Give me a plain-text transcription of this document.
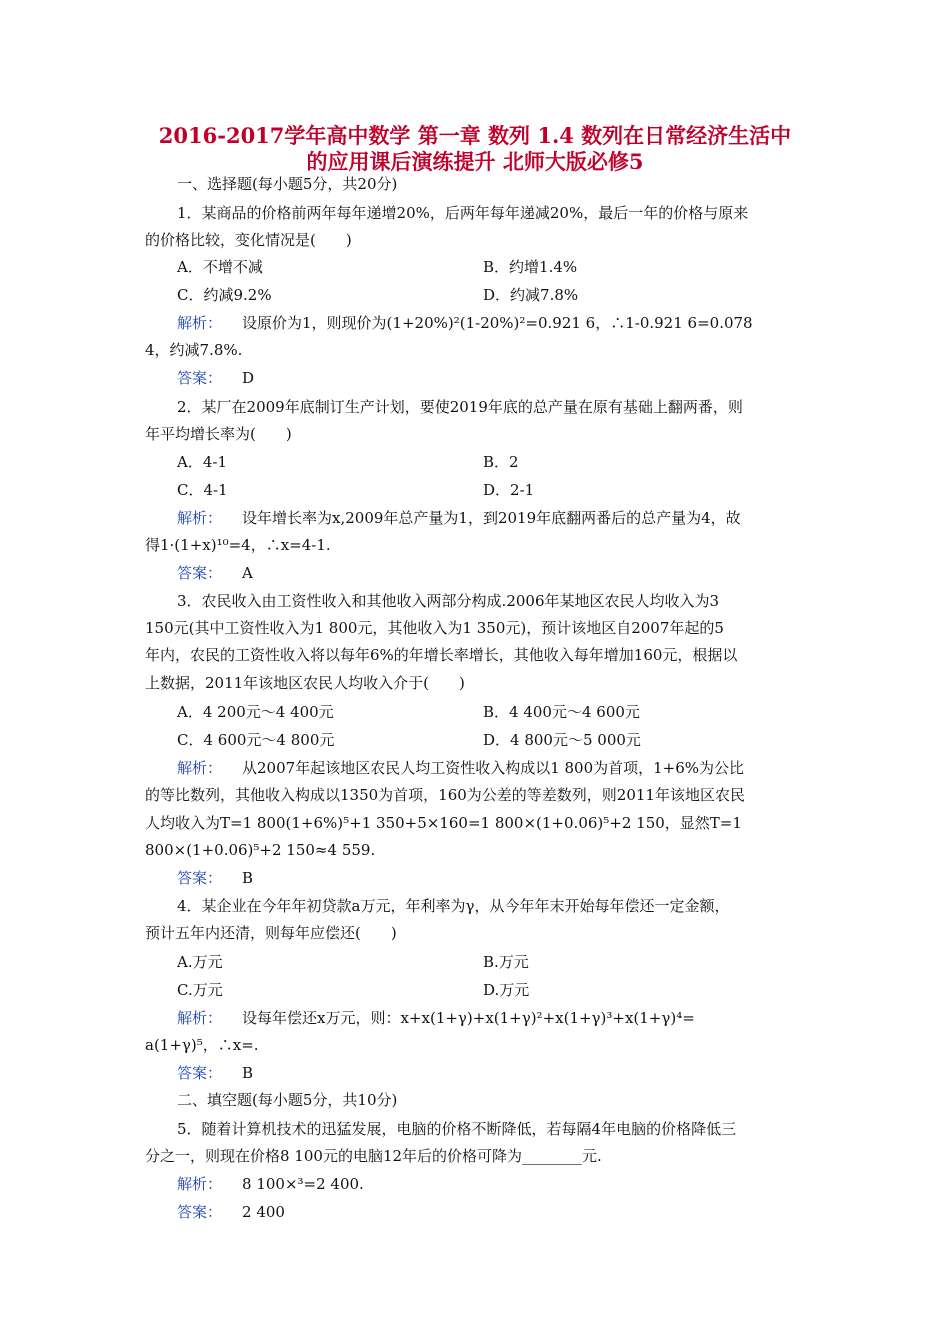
2016-2017学年高中数学 第一章 数列 1.4 数列在日常经济生活中
的应用课后演练提升 北师大版必修5
一、选择题(每小题5分，共20分)
1．某商品的价格前两年每年递增20%，后两年每年递减20%，最后一年的价格与原来
的价格比较，变化情况是(　　)
A．不增不减	B．约增1.4%
C．约减9.2%	D．约减7.8%
解析： 设原价为1，则现价为(1+20%)²(1-20%)²=0.921 6，∴1-0.921 6=0.078
4，约减7.8%.
答案： D
2．某厂在2009年底制订生产计划，要使2019年底的总产量在原有基础上翻两番，则
年平均增长率为(　　)
A．4-1	B．2
C．4-1	D．2-1
解析： 设年增长率为x,2009年总产量为1，到2019年底翻两番后的总产量为4，故
得1·(1+x)¹⁰=4，∴x=4-1.
答案： A
3．农民收入由工资性收入和其他收入两部分构成.2006年某地区农民人均收入为3
150元(其中工资性收入为1 800元，其他收入为1 350元)，预计该地区自2007年起的5
年内，农民的工资性收入将以每年6%的年增长率增长，其他收入每年增加160元，根据以
上数据，2011年该地区农民人均收入介于(　　)
A．4 200元～4 400元	B．4 400元～4 600元
C．4 600元～4 800元	D．4 800元～5 000元
解析： 从2007年起该地区农民人均工资性收入构成以1 800为首项，1+6%为公比
的等比数列，其他收入构成以1350为首项，160为公差的等差数列，则2011年该地区农民
人均收入为T=1 800(1+6%)⁵+1 350+5×160=1 800×(1+0.06)⁵+2 150，显然T=1
800×(1+0.06)⁵+2 150≈4 559.
答案： B
4．某企业在今年年初贷款a万元，年利率为γ，从今年年末开始每年偿还一定金额，
预计五年内还清，则每年应偿还(　　)
A.万元	B.万元
C.万元	D.万元
解析： 设每年偿还x万元，则：x+x(1+γ)+x(1+γ)²+x(1+γ)³+x(1+γ)⁴=
a(1+γ)⁵，∴x=.
答案： B
二、填空题(每小题5分，共10分)
5．随着计算机技术的迅猛发展，电脑的价格不断降低，若每隔4年电脑的价格降低三
分之一，则现在价格8 100元的电脑12年后的价格可降为________元.
解析： 8 100×³=2 400.
答案： 2 400
